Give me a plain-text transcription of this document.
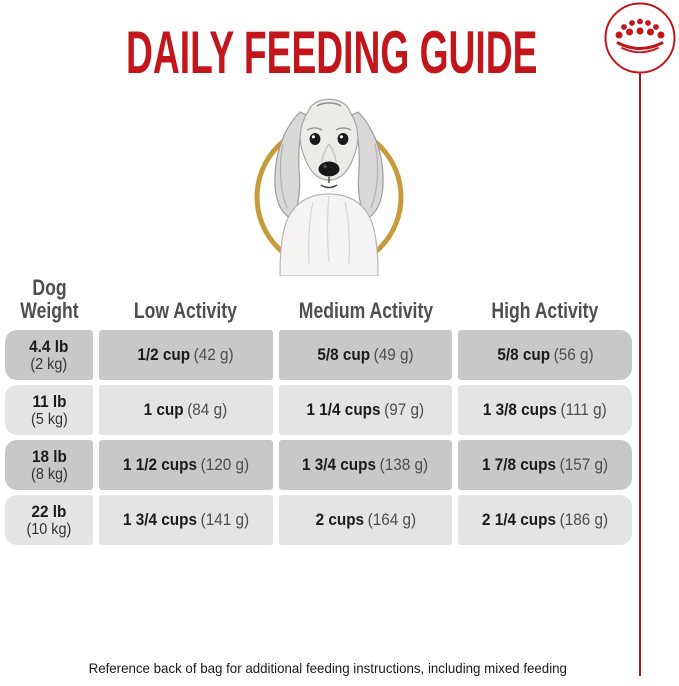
DAILY FEEDING GUIDE
Dog
Weight	Low Activity	Medium Activity	High Activity
4.4 lb
(2 kg)	1/2 cup (42 g)	5/8 cup (49 g)	5/8 cup (56 g)
11 lb
(5 kg)	1 cup (84 g)	1 1/4 cups (97 g)	1 3/8 cups (111 g)
18 lb
(8 kg)	1 1/2 cups (120 g)	1 3/4 cups (138 g)	1 7/8 cups (157 g)
22 lb
(10 kg)	1 3/4 cups (141 g)	2 cups (164 g)	2 1/4 cups (186 g)
Reference back of bag for additional feeding instructions, including mixed feeding
